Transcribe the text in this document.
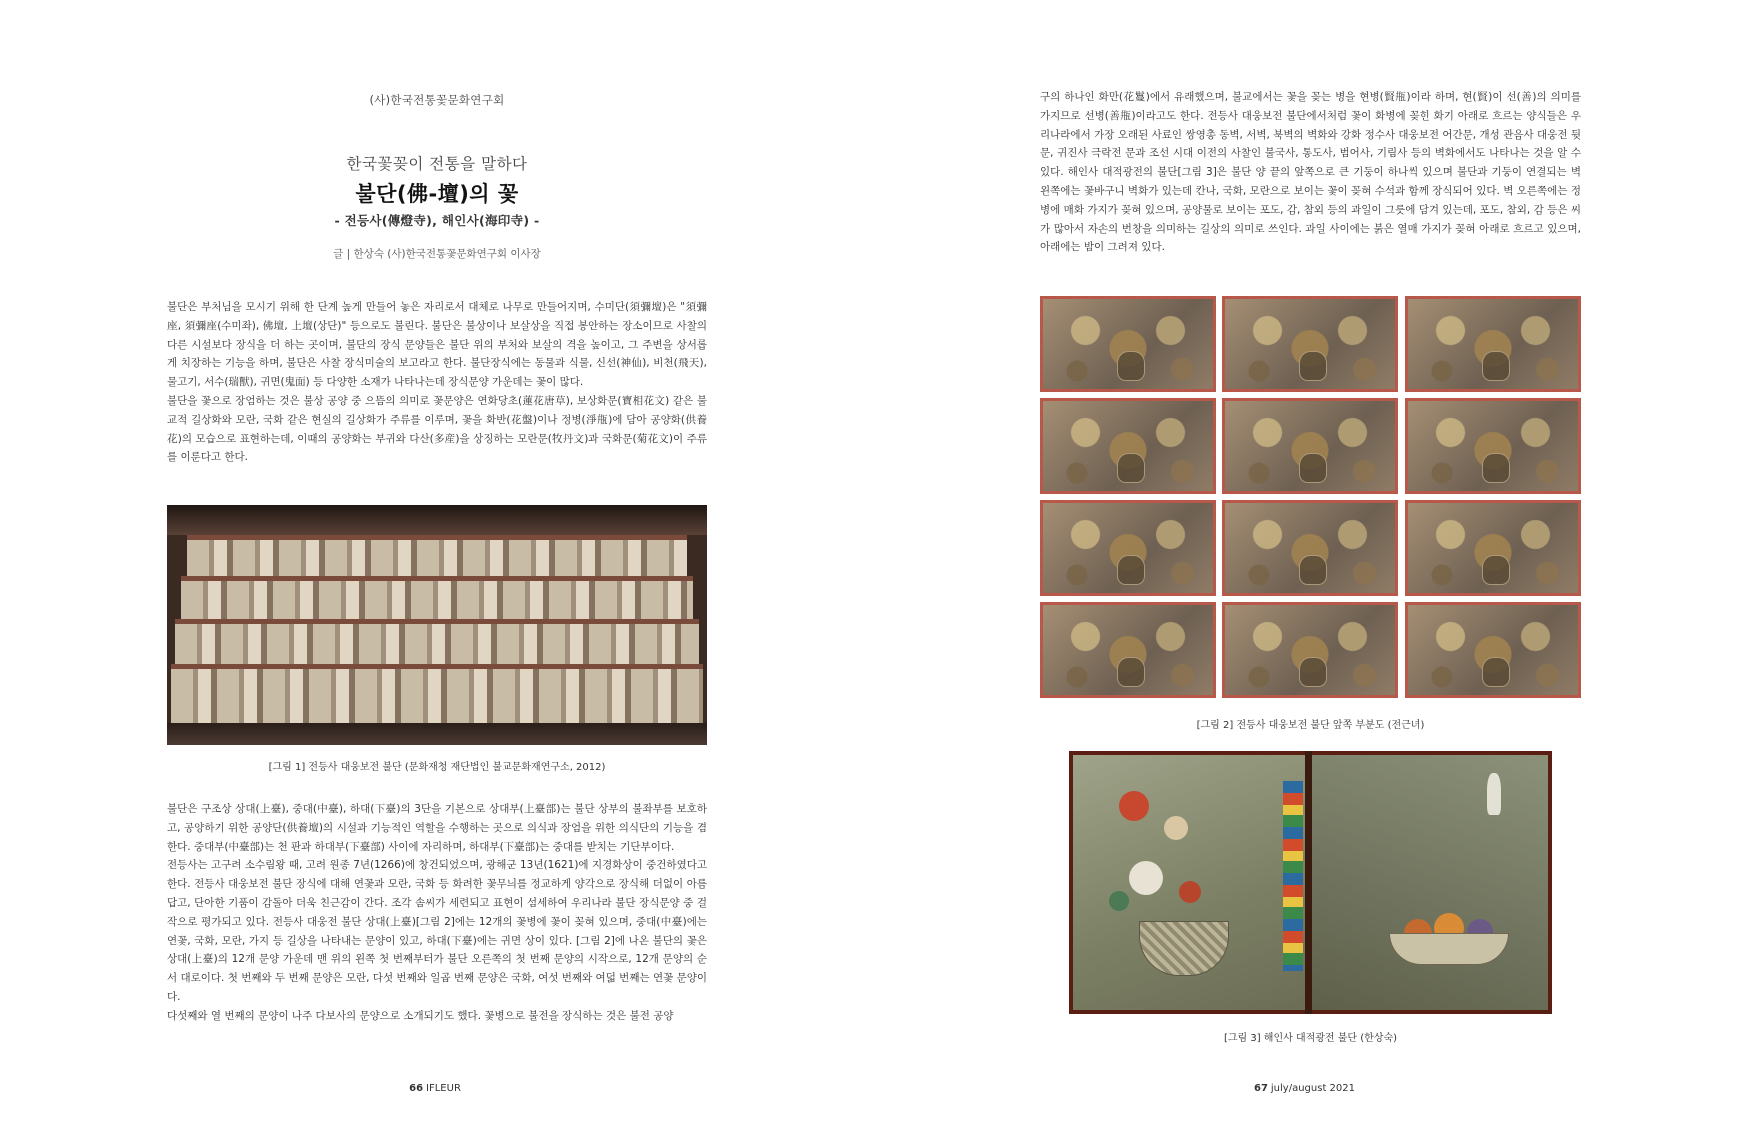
(사)한국전통꽃문화연구회
한국꽃꽂이 전통을 말하다
불단(佛-壇)의 꽃
- 전등사(傳燈寺), 해인사(海印寺) -
글 | 한상숙 (사)한국전통꽃문화연구회 이사장

불단은 부처님을 모시기 위해 한 단계 높게 만들어 놓은 자리로서 대체로 나무로 만들어지며, 수미단(須彌壇)은 "須彌座, 須彌座(수미좌), 佛壇, 上壇(상단)" 등으로도 불린다. 불단은 불상이나 보살상을 직접 봉안하는 장소이므로 사찰의 다른 시설보다 장식을 더 하는 곳이며, 불단의 장식 문양들은 불단 위의 부처와 보살의 격을 높이고, 그 주변을 상서롭게 치장하는 기능을 하며, 불단은 사찰 장식미술의 보고라고 한다. 불단장식에는 동물과 식물, 신선(神仙), 비천(飛天), 물고기, 서수(瑞獸), 귀면(鬼面) 등 다양한 소재가 나타나는데 장식문양 가운데는 꽃이 많다.

불단을 꽃으로 장엄하는 것은 불상 공양 중 으뜸의 의미로 꽃문양은 연화당초(蓮花唐草), 보상화문(寶相花文) 같은 불교적 길상화와 모란, 국화 같은 현실의 길상화가 주류를 이루며, 꽃을 화반(花盤)이나 정병(淨甁)에 담아 공양화(供養花)의 모습으로 표현하는데, 이때의 공양화는 부귀와 다산(多産)을 상징하는 모란문(牧丹文)과 국화문(菊花文)이 주류를 이룬다고 한다.

[그림 1] 전등사 대웅보전 불단 (문화재청 재단법인 불교문화재연구소, 2012)

불단은 구조상 상대(上臺), 중대(中臺), 하대(下臺)의 3단을 기본으로 상대부(上臺部)는 불단 상부의 불좌부를 보호하고, 공양하기 위한 공양단(供養壇)의 시설과 기능적인 역할을 수행하는 곳으로 의식과 장엄을 위한 의식단의 기능을 겸한다. 중대부(中臺部)는 천 판과 하대부(下臺部) 사이에 자리하며, 하대부(下臺部)는 중대를 받치는 기단부이다.

전등사는 고구려 소수림왕 때, 고려 원종 7년(1266)에 창건되었으며, 광해군 13년(1621)에 지경화상이 중건하였다고 한다. 전등사 대웅보전 불단 장식에 대해 연꽃과 모란, 국화 등 화려한 꽃무늬를 정교하게 양각으로 장식해 더없이 아름답고, 단아한 기품이 감돌아 더욱 친근감이 간다. 조각 솜씨가 세련되고 표현이 섬세하여 우리나라 불단 장식문양 중 걸작으로 평가되고 있다. 전등사 대웅전 불단 상대(上臺)[그림 2]에는 12개의 꽃병에 꽃이 꽂혀 있으며, 중대(中臺)에는 연꽃, 국화, 모란, 가지 등 길상을 나타내는 문양이 있고, 하대(下臺)에는 귀면 상이 있다. [그림 2]에 나온 불단의 꽃은 상대(上臺)의 12개 문양 가운데 맨 위의 왼쪽 첫 번째부터가 불단 오른쪽의 첫 번째 문양의 시작으로, 12개 문양의 순서 대로이다. 첫 번째와 두 번째 문양은 모란, 다섯 번째와 일곱 번째 문양은 국화, 여섯 번째와 여덟 번째는 연꽃 문양이다.

다섯째와 열 번째의 문양이 나주 다보사의 문양으로 소개되기도 했다. 꽃병으로 불전을 장식하는 것은 불전 공양

66 IFLEUR

구의 하나인 화만(花鬘)에서 유래했으며, 불교에서는 꽃을 꽂는 병을 현병(賢甁)이라 하며, 현(賢)이 선(善)의 의미를 가지므로 선병(善甁)이라고도 한다. 전등사 대웅보전 불단에서처럼 꽃이 화병에 꽂힌 화기 아래로 흐르는 양식들은 우리나라에서 가장 오래된 사료인 쌍영총 동벽, 서벽, 북벽의 벽화와 강화 정수사 대웅보전 어간문, 개성 관음사 대웅전 뒷문, 귀진사 극락전 문과 조선 시대 이전의 사찰인 불국사, 통도사, 범어사, 기림사 등의 벽화에서도 나타나는 것을 알 수 있다. 해인사 대적광전의 불단[그림 3]은 불단 양 끝의 앞쪽으로 큰 기둥이 하나씩 있으며 불단과 기둥이 연결되는 벽 왼쪽에는 꽃바구니 벽화가 있는데 칸나, 국화, 모란으로 보이는 꽃이 꽂혀 수석과 함께 장식되어 있다. 벽 오른쪽에는 정병에 매화 가지가 꽂혀 있으며, 공양물로 보이는 포도, 감, 참외 등의 과일이 그릇에 담겨 있는데, 포도, 참외, 감 등은 씨가 많아서 자손의 번창을 의미하는 길상의 의미로 쓰인다. 과일 사이에는 붉은 열매 가지가 꽂혀 아래로 흐르고 있으며, 아래에는 밤이 그려져 있다.

[그림 2] 전등사 대웅보전 불단 앞쪽 부분도 (전근녀)
[그림 3] 해인사 대적광전 불단 (한상숙)
67 july/august 2021
